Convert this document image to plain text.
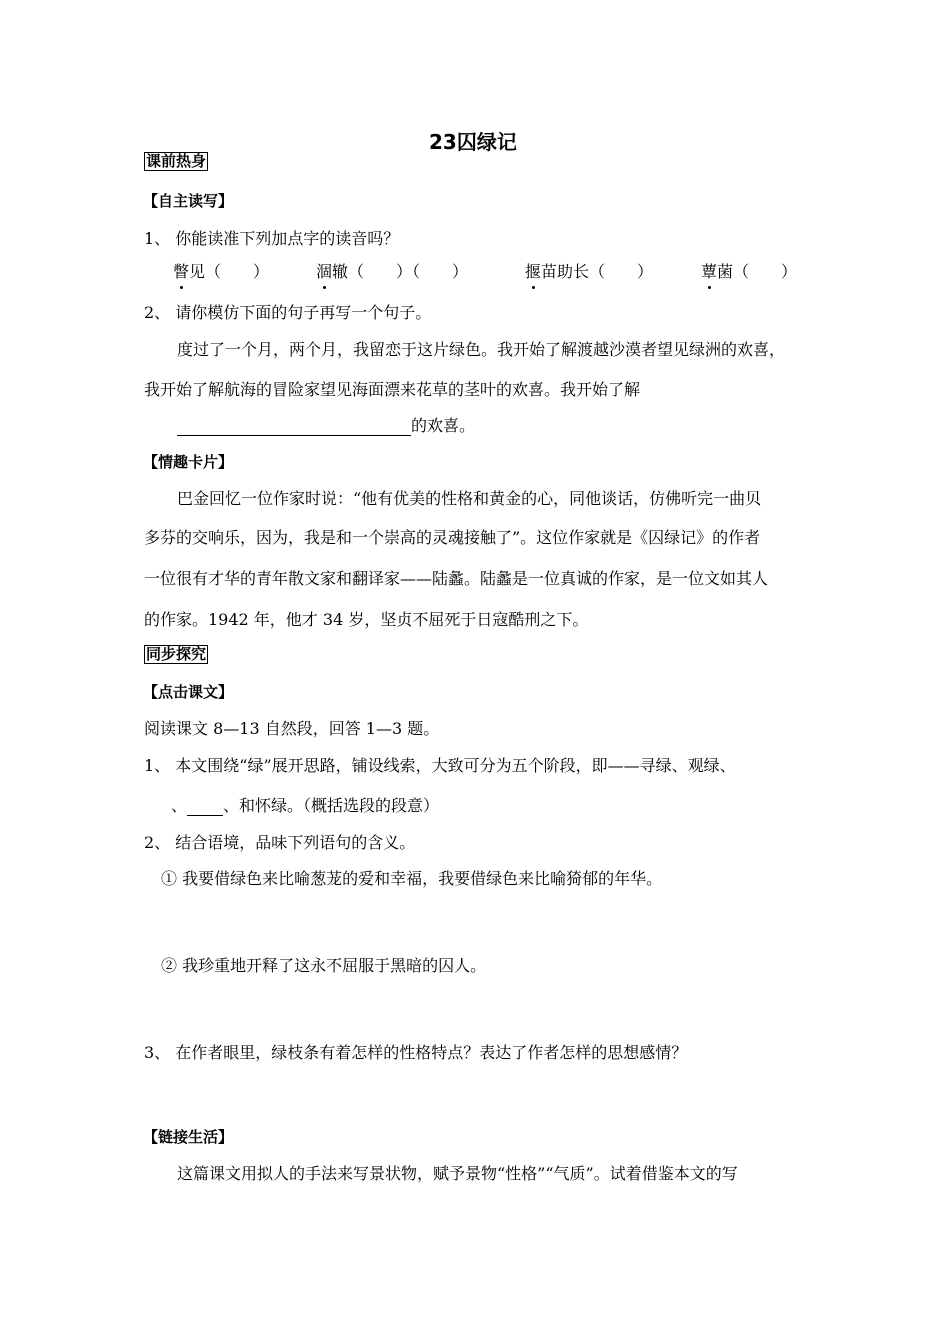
23囚绿记
课前热身
【自主读写】
1、 你能读准下列加点字的读音吗？
瞥见（　　）	涸辙（　　）（　　）	揠苗助长（　　）	蕈菌（　　）
2、 请你模仿下面的句子再写一个句子。
度过了一个月，两个月，我留恋于这片绿色。我开始了解渡越沙漠者望见绿洲的欢喜，
我开始了解航海的冒险家望见海面漂来花草的茎叶的欢喜。我开始了解
的欢喜。
【情趣卡片】
巴金回忆一位作家时说：“他有优美的性格和黄金的心，同他谈话，仿佛听完一曲贝
多芬的交响乐，因为，我是和一个崇高的灵魂接触了”。这位作家就是《囚绿记》的作者
一位很有才华的青年散文家和翻译家——陆蠡。陆蠡是一位真诚的作家，是一位文如其人
的作家。1942 年，他才 34 岁，坚贞不屈死于日寇酷刑之下。
同步探究
【点击课文】
阅读课文 8—13 自然段，回答 1—3 题。
1、 本文围绕“绿”展开思路，铺设线索，大致可分为五个阶段，即——寻绿、观绿、
、 、和怀绿。（概括选段的段意）
2、 结合语境，品味下列语句的含义。
① 我要借绿色来比喻葱茏的爱和幸福，我要借绿色来比喻猗郁的年华。
② 我珍重地开释了这永不屈服于黑暗的囚人。
3、 在作者眼里，绿枝条有着怎样的性格特点？表达了作者怎样的思想感情？
【链接生活】
这篇课文用拟人的手法来写景状物，赋予景物“性格”“气质”。试着借鉴本文的写
